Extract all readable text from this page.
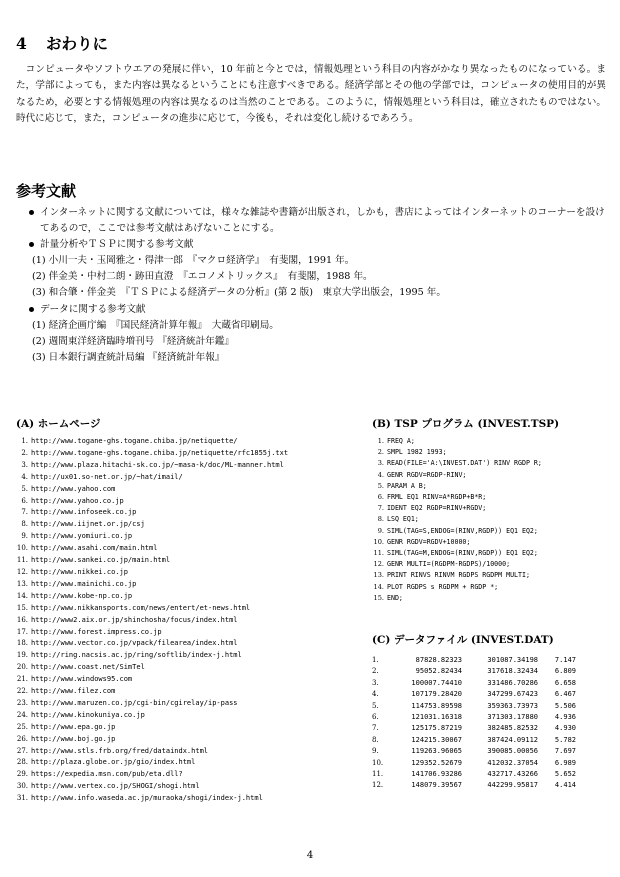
4 おわりに

コンピュータやソフトウエアの発展に伴い，10 年前と今とでは，情報処理という科目の内容がかなり異なったものになっている。また，学部によっても，また内容は異なるということにも注意すべきである。経済学部とその他の学部では，コンピュータの使用目的が異なるため，必要とする情報処理の内容は異なるのは当然のことである。このように，情報処理という科目は，確立されたものではない。時代に応じて，また，コンピュータの進歩に応じて，今後も，それは変化し続けるであろう。

参考文献
インターネットに関する文献については，様々な雑誌や書籍が出版され，しかも，書店によってはインターネットのコーナーを設けてあるので，ここでは参考文献はあげないことにする。
計量分析やＴＳＰに関する参考文献
(1) 小川一夫・玉岡雅之・得津一郎　『マクロ経済学』　有斐閣，1991 年。
(2) 伴金美・中村二朗・跡田直澄　『エコノメトリックス』　有斐閣，1988 年。
(3) 和合肇・伴金美　『ＴＳＰによる経済データの分析』(第 2 版)　東京大学出版会，1995 年。
データに関する参考文献
(1) 経済企画庁編　『国民経済計算年報』　大蔵省印刷局。
(2) 週間東洋経済臨時増刊号 『経済統計年鑑』
(3) 日本銀行調査統計局編 『経済統計年報』
(A) ホームページ
1. http://www.togane-ghs.togane.chiba.jp/netiquette/
2. http://www.togane-ghs.togane.chiba.jp/netiquette/rfc1855j.txt
3. http://www.plaza.hitachi-sk.co.jp/~masa-k/doc/ML-manner.html
4. http://ux01.so-net.or.jp/~hat/imail/
5. http://www.yahoo.com
6. http://www.yahoo.co.jp
7. http://www.infoseek.co.jp
8. http://www.iijnet.or.jp/csj
9. http://www.yomiuri.co.jp
10. http://www.asahi.com/main.html
11. http://www.sankei.co.jp/main.html
12. http://www.nikkei.co.jp
13. http://www.mainichi.co.jp
14. http://www.kobe-np.co.jp
15. http://www.nikkansports.com/news/entert/et-news.html
16. http://www2.aix.or.jp/shinchosha/focus/index.html
17. http://www.forest.impress.co.jp
18. http://www.vector.co.jp/vpack/filearea/index.html
19. http://ring.nacsis.ac.jp/ring/softlib/index-j.html
20. http://www.coast.net/SimTel
21. http://www.windows95.com
22. http://www.filez.com
23. http://www.maruzen.co.jp/cgi-bin/cgirelay/ip-pass
24. http://www.kinokuniya.co.jp
25. http://www.epa.go.jp
26. http://www.boj.go.jp
27. http://www.stls.frb.org/fred/dataindx.html
28. http://plaza.globe.or.jp/gio/index.html
29. https://expedia.msn.com/pub/eta.dll?
30. http://www.vertex.co.jp/SHOGI/shogi.html
31. http://www.info.waseda.ac.jp/muraoka/shogi/index-j.html
(B) TSP プログラム (INVEST.TSP)
1. FREQ A;
2. SMPL 1982 1993;
3. READ(FILE='A:\INVEST.DAT') RINV RGDP R;
4. GENR RGDV=RGDP-RINV;
5. PARAM A B;
6. FRML EQ1 RINV=A*RGDP+B*R;
7. IDENT EQ2 RGDP=RINV+RGDV;
8. LSQ EQ1;
9. SIML(TAG=S,ENDOG=(RINV,RGDP)) EQ1 EQ2;
10. GENR RGDV=RGDV+10000;
11. SIML(TAG=M,ENDOG=(RINV,RGDP)) EQ1 EQ2;
12. GENR MULTI=(RGDPM-RGDPS)/10000;
13. PRINT RINVS RINVM RGDPS RGDPM MULTI;
14. PLOT RGDPS s RGDPM + RGDP *;
15. END;
(C) データファイル (INVEST.DAT)
1.	87828.82323	301087.34198	7.147
2.	95052.82434	317618.32434	6.809
3.	100007.74410	331486.70286	6.658
4.	107179.28420	347299.67423	6.467
5.	114753.89598	359363.73973	5.506
6.	121031.16318	371303.17880	4.936
7.	125175.87219	382485.82532	4.930
8.	124215.30067	387424.09112	5.782
9.	119263.96065	390085.00056	7.697
10.	129352.52679	412032.37054	6.989
11.	141706.93286	432717.43266	5.652
12.	148079.39567	442299.95817	4.414
4
